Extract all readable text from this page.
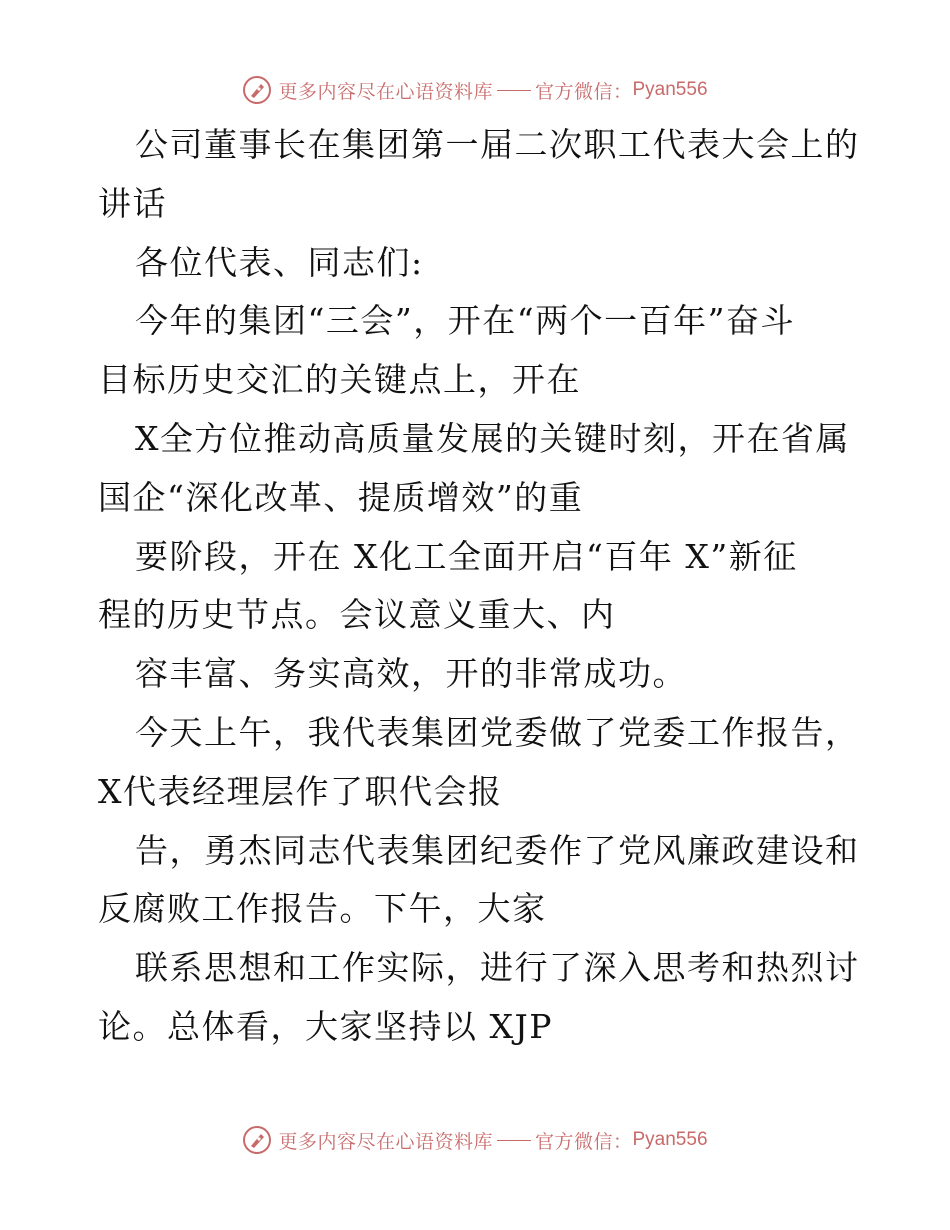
更多内容尽在心语资料库 官方微信： Pyan556
公司董事长在集团第一届二次职工代表大会上的
讲话
各位代表、同志们:
今年的集团“三会”，开在“两个一百年”奋斗
目标历史交汇的关键点上，开在
X全方位推动高质量发展的关键时刻，开在省属
国企“深化改革、提质增效”的重
要阶段，开在 X化工全面开启“百年 X”新征
程的历史节点。会议意义重大、内
容丰富、务实高效，开的非常成功。
今天上午，我代表集团党委做了党委工作报告，
X代表经理层作了职代会报
告，勇杰同志代表集团纪委作了党风廉政建设和
反腐败工作报告。下午，大家
联系思想和工作实际，进行了深入思考和热烈讨
论。总体看，大家坚持以 XJP
更多内容尽在心语资料库 官方微信： Pyan556
